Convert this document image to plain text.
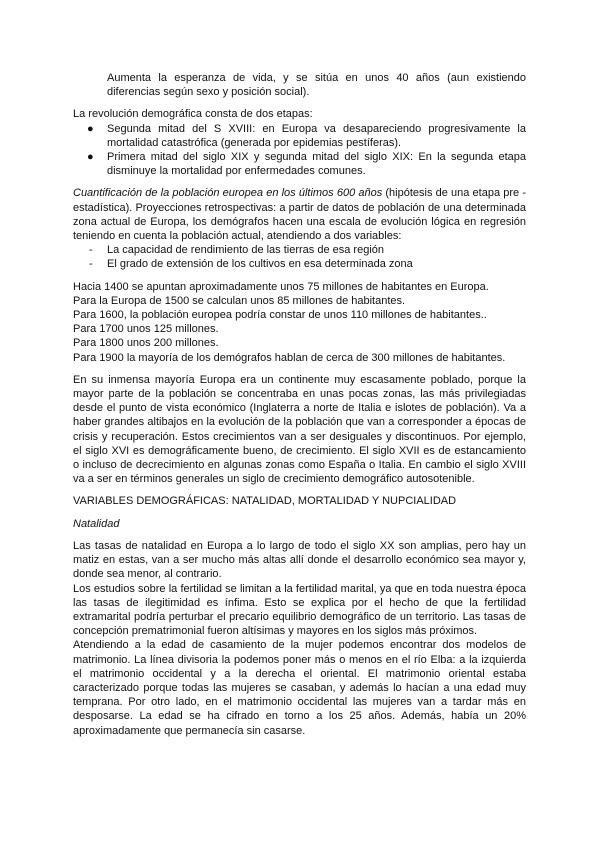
Aumenta la esperanza de vida, y se sitúa en unos 40 años (aun existiendo diferencias según sexo y posición social).

La revolución demográfica consta de dos etapas:

● Segunda mitad del S XVIII: en Europa va desapareciendo progresivamente la mortalidad catastrófica (generada por epidemias pestíferas).
● Primera mitad del siglo XIX y segunda mitad del siglo XIX: En la segunda etapa disminuye la mortalidad por enfermedades comunes.

Cuantificación de la población europea en los últimos 600 años (hipótesis de una etapa pre -estadística). Proyecciones retrospectivas: a partir de datos de población de una determinada zona actual de Europa, los demógrafos hacen una escala de evolución lógica en regresión teniendo en cuenta la población actual, atendiendo a dos variables:

- La capacidad de rendimiento de las tierras de esa región
- El grado de extensión de los cultivos en esa determinada zona

Hacia 1400 se apuntan aproximadamente unos 75 millones de habitantes en Europa.

Para la Europa de 1500 se calculan unos 85 millones de habitantes.

Para 1600, la población europea podría constar de unos 110 millones de habitantes..

Para 1700 unos 125 millones.

Para 1800 unos 200 millones.

Para 1900 la mayoría de los demógrafos hablan de cerca de 300 millones de habitantes.

En su inmensa mayoría Europa era un continente muy escasamente poblado, porque la mayor parte de la población se concentraba en unas pocas zonas, las más privilegiadas desde el punto de vista económico (Inglaterra a norte de Italia e islotes de población). Va a haber grandes altibajos en la evolución de la población que van a corresponder a épocas de crisis y recuperación. Estos crecimientos van a ser desiguales y discontinuos. Por ejemplo, el siglo XVI es demográficamente bueno, de crecimiento. El siglo XVII es de estancamiento o incluso de decrecimiento en algunas zonas como España o Italia. En cambio el siglo XVIII va a ser en términos generales un siglo de crecimiento demográfico autosotenible.

VARIABLES DEMOGRÁFICAS: NATALIDAD, MORTALIDAD Y NUPCIALIDAD

Natalidad

Las tasas de natalidad en Europa a lo largo de todo el siglo XX son amplias, pero hay un matiz en estas, van a ser mucho más altas allí donde el desarrollo económico sea mayor y, donde sea menor, al contrario.

Los estudios sobre la fertilidad se limitan a la fertilidad marital, ya que en toda nuestra época las tasas de ilegitimidad es ínfima. Esto se explica por el hecho de que la fertilidad extramarital podría perturbar el precario equilibrio demográfico de un territorio. Las tasas de concepción prematrimonial fueron altísimas y mayores en los siglos más próximos.

Atendiendo a la edad de casamiento de la mujer podemos encontrar dos modelos de matrimonio. La línea divisoria la podemos poner más o menos en el río Elba: a la izquierda el matrimonio occidental y a la derecha el oriental. El matrimonio oriental estaba caracterizado porque todas las mujeres se casaban, y además lo hacían a una edad muy temprana. Por otro lado, en el matrimonio occidental las mujeres van a tardar más en desposarse. La edad se ha cifrado en torno a los 25 años. Además, había un 20% aproximadamente que permanecía sin casarse.
